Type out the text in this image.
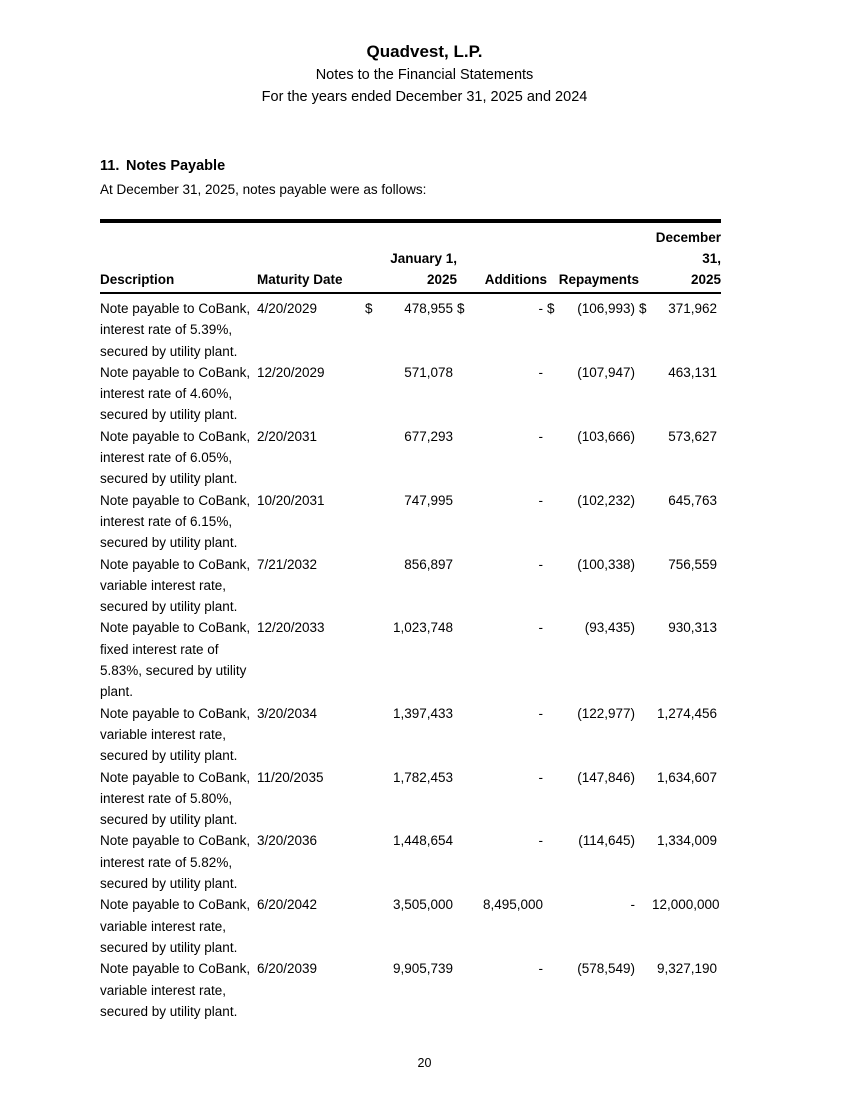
Quadvest, L.P.
Notes to the Financial Statements
For the years ended December 31, 2025 and 2024
11. Notes Payable
At December 31, 2025, notes payable were as follows:
			January 1,					December 31,	
Description	Maturity Date		2025		Additions	Repayments		2025	
Note payable to CoBank, interest rate of 5.39%, secured by utility plant.	4/20/2029	$	478,955	$	-	$	(106,993)	$	371,962
Note payable to CoBank, interest rate of 4.60%, secured by utility plant.	12/20/2029		571,078		-		(107,947)		463,131
Note payable to CoBank, interest rate of 6.05%, secured by utility plant.	2/20/2031		677,293		-		(103,666)		573,627
Note payable to CoBank, interest rate of 6.15%, secured by utility plant.	10/20/2031		747,995		-		(102,232)		645,763
Note payable to CoBank, variable interest rate, secured by utility plant.	7/21/2032		856,897		-		(100,338)		756,559
Note payable to CoBank, fixed interest rate of 5.83%, secured by utility plant.	12/20/2033		1,023,748		-		(93,435)		930,313
Note payable to CoBank, variable interest rate, secured by utility plant.	3/20/2034		1,397,433		-		(122,977)		1,274,456
Note payable to CoBank, interest rate of 5.80%, secured by utility plant.	11/20/2035		1,782,453		-		(147,846)		1,634,607
Note payable to CoBank, interest rate of 5.82%, secured by utility plant.	3/20/2036		1,448,654		-		(114,645)		1,334,009
Note payable to CoBank, variable interest rate, secured by utility plant.	6/20/2042		3,505,000		8,495,000		-		12,000,000
Note payable to CoBank, variable interest rate, secured by utility plant.	6/20/2039		9,905,739		-		(578,549)		9,327,190
20
